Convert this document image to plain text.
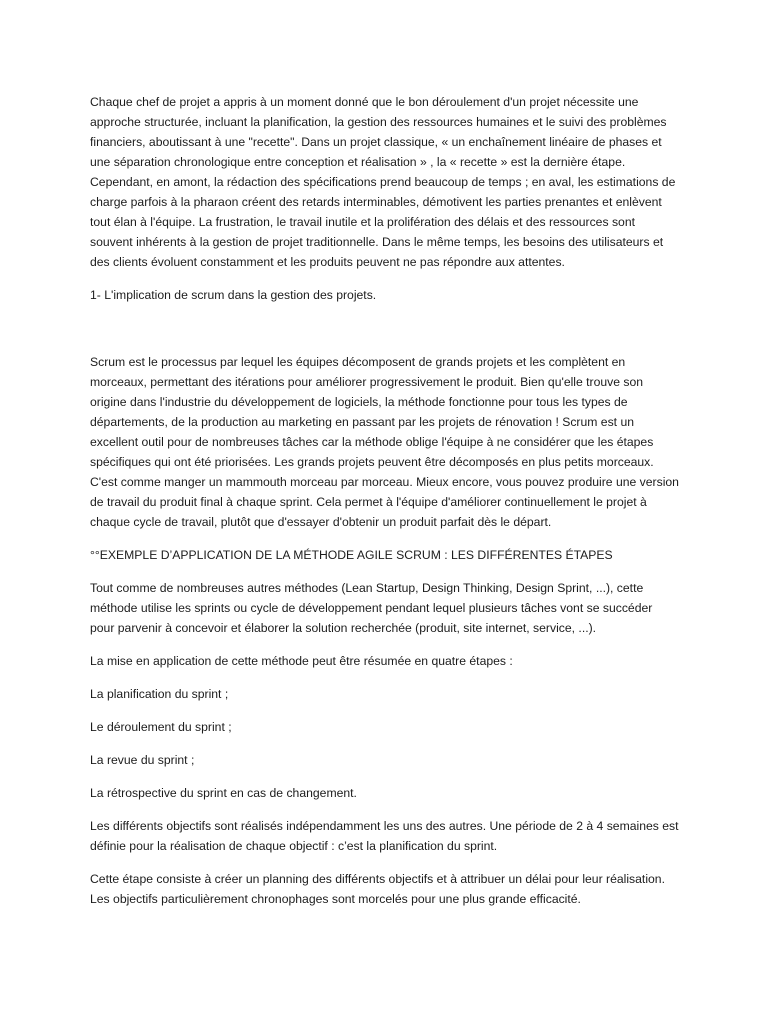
Chaque chef de projet a appris à un moment donné que le bon déroulement d'un projet nécessite une approche structurée, incluant la planification, la gestion des ressources humaines et le suivi des problèmes financiers, aboutissant à une "recette". Dans un projet classique, « un enchaînement linéaire de phases et une séparation chronologique entre conception et réalisation » , la « recette » est la dernière étape. Cependant, en amont, la rédaction des spécifications prend beaucoup de temps ; en aval, les estimations de charge parfois à la pharaon créent des retards interminables, démotivent les parties prenantes et enlèvent tout élan à l'équipe. La frustration, le travail inutile et la prolifération des délais et des ressources sont souvent inhérents à la gestion de projet traditionnelle. Dans le même temps, les besoins des utilisateurs et des clients évoluent constamment et les produits peuvent ne pas répondre aux attentes.

1- L'implication de scrum dans la gestion des projets.

Scrum est le processus par lequel les équipes décomposent de grands projets et les complètent en morceaux, permettant des itérations pour améliorer progressivement le produit. Bien qu'elle trouve son origine dans l'industrie du développement de logiciels, la méthode fonctionne pour tous les types de départements, de la production au marketing en passant par les projets de rénovation ! Scrum est un excellent outil pour de nombreuses tâches car la méthode oblige l'équipe à ne considérer que les étapes spécifiques qui ont été priorisées. Les grands projets peuvent être décomposés en plus petits morceaux. C'est comme manger un mammouth morceau par morceau. Mieux encore, vous pouvez produire une version de travail du produit final à chaque sprint. Cela permet à l'équipe d'améliorer continuellement le projet à chaque cycle de travail, plutôt que d'essayer d'obtenir un produit parfait dès le départ.

°°EXEMPLE D’APPLICATION DE LA MÉTHODE AGILE SCRUM : LES DIFFÉRENTES ÉTAPES

Tout comme de nombreuses autres méthodes (Lean Startup, Design Thinking, Design Sprint, ...), cette méthode utilise les sprints ou cycle de développement pendant lequel plusieurs tâches vont se succéder pour parvenir à concevoir et élaborer la solution recherchée (produit, site internet, service, ...).

La mise en application de cette méthode peut être résumée en quatre étapes :

La planification du sprint ;

Le déroulement du sprint ;

La revue du sprint ;

La rétrospective du sprint en cas de changement.

Les différents objectifs sont réalisés indépendamment les uns des autres. Une période de 2 à 4 semaines est définie pour la réalisation de chaque objectif : c’est la planification du sprint.

Cette étape consiste à créer un planning des différents objectifs et à attribuer un délai pour leur réalisation. Les objectifs particulièrement chronophages sont morcelés pour une plus grande efficacité.
